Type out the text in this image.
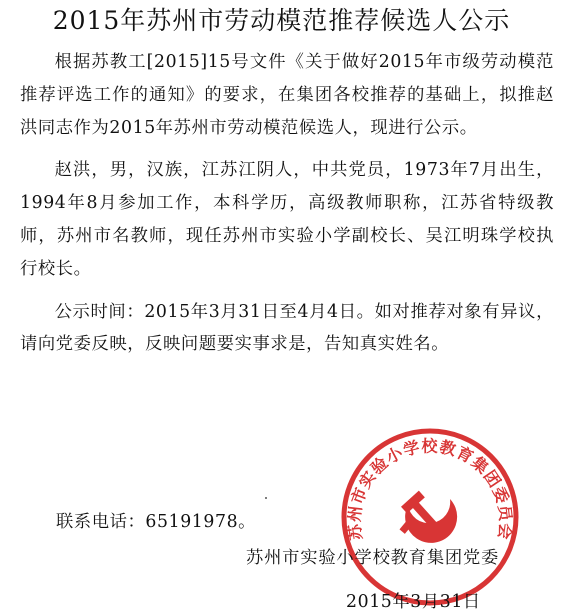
2015年苏州市劳动模范推荐候选人公示

根据苏教工[2015]15号文件《关于做好2015年市级劳动模范推荐评选工作的通知》的要求，在集团各校推荐的基础上，拟推赵洪同志作为2015年苏州市劳动模范候选人，现进行公示。

赵洪，男，汉族，江苏江阴人，中共党员，1973年7月出生，1994年8月参加工作，本科学历，高级教师职称，江苏省特级教师，苏州市名教师，现任苏州市实验小学副校长、吴江明珠学校执行校长。

公示时间：2015年3月31日至4月4日。如对推荐对象有异议，请向党委反映，反映问题要实事求是，告知真实姓名。

联系电话：65191978。	苏州市实验小学校教育集团委员会
苏州市实验小学校教育集团党委
2015年3月31日
